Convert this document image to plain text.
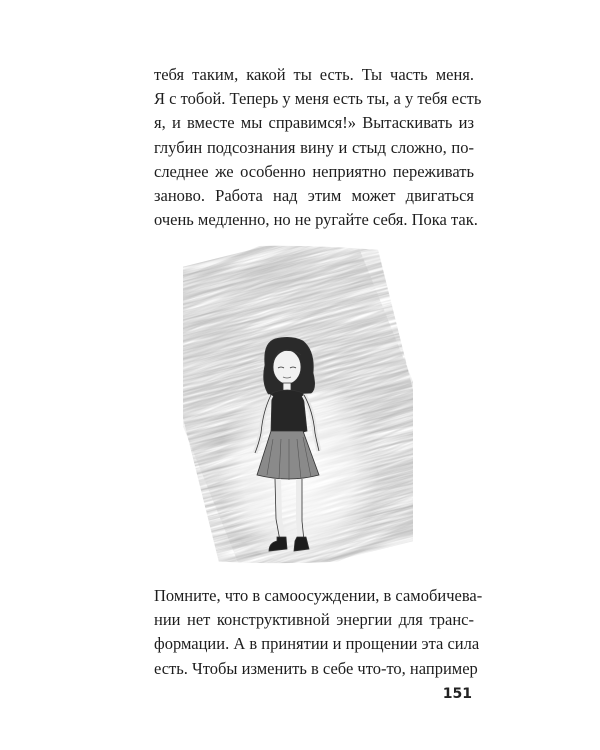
тебя таким, какой ты есть. Ты часть меня.
Я с тобой. Теперь у меня есть ты, а у тебя есть
я, и вместе мы справимся!» Вытаскивать из
глубин подсознания вину и стыд сложно, по-
следнее же особенно неприятно переживать
заново. Работа над этим может двигаться
очень медленно, но не ругайте себя. Пока так.
Помните, что в самоосуждении, в самобичева-
нии нет конструктивной энергии для транс-
формации. А в принятии и прощении эта сила
есть. Чтобы изменить в себе что-то, например
151
